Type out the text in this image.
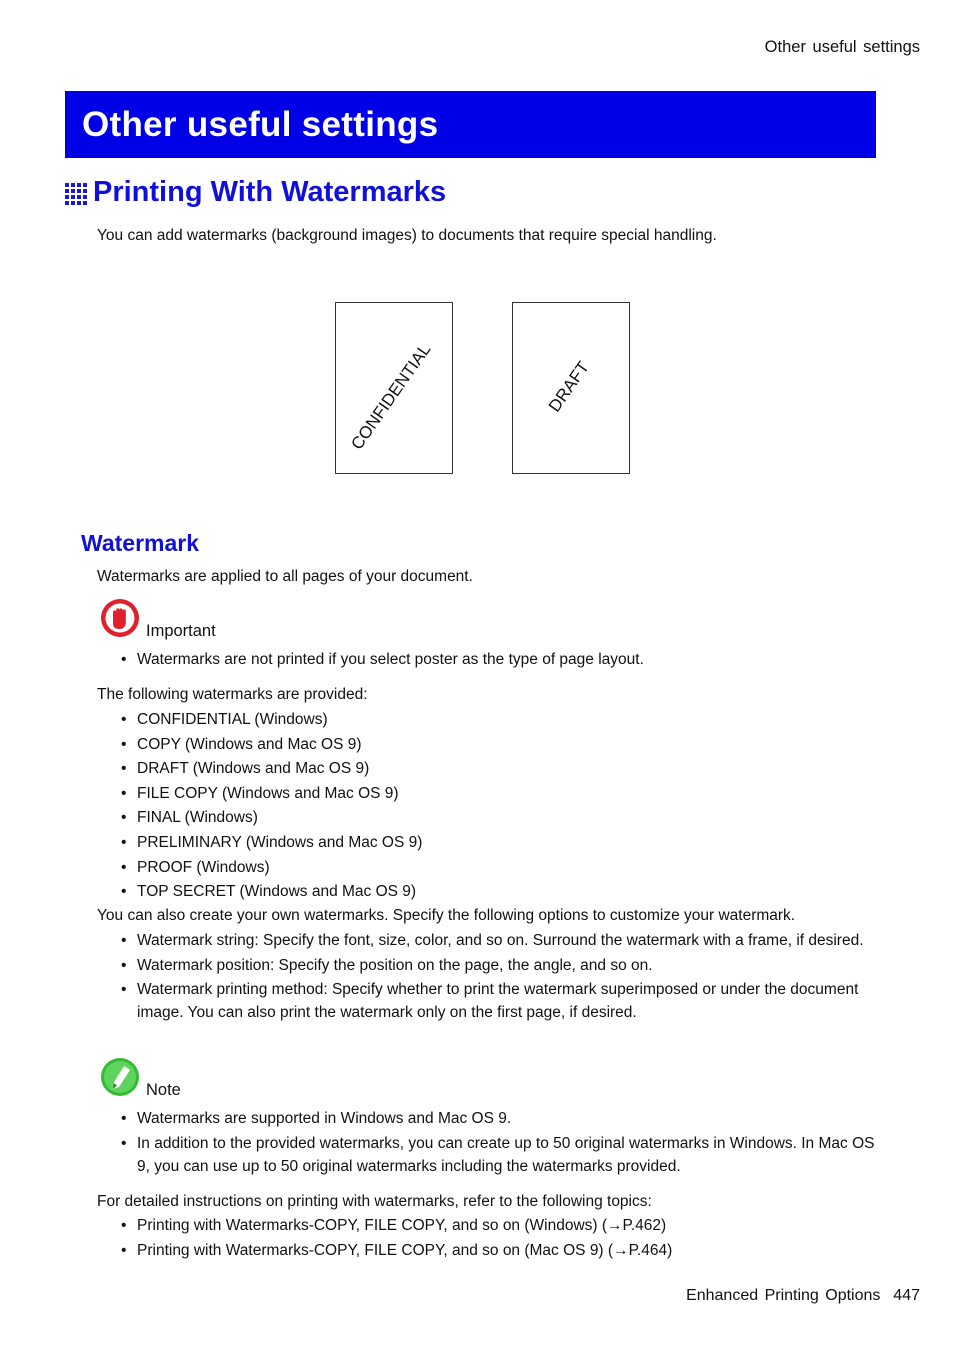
Other useful settings
Other useful settings
Printing With Watermarks

You can add watermarks (background images) to documents that require special handling.

CONFIDENTIAL	DRAFT
Watermark

Watermarks are applied to all pages of your document.

Important
• Watermarks are not printed if you select poster as the type of page layout.

The following watermarks are provided:

• CONFIDENTIAL (Windows)
• COPY (Windows and Mac OS 9)
• DRAFT (Windows and Mac OS 9)
• FILE COPY (Windows and Mac OS 9)
• FINAL (Windows)
• PRELIMINARY (Windows and Mac OS 9)
• PROOF (Windows)
• TOP SECRET (Windows and Mac OS 9)

You can also create your own watermarks. Specify the following options to customize your watermark.

• Watermark string: Specify the font, size, color, and so on. Surround the watermark with a frame, if desired.
• Watermark position: Specify the position on the page, the angle, and so on.
• Watermark printing method: Specify whether to print the watermark superimposed or under the document image. You can also print the watermark only on the first page, if desired.
Note
• Watermarks are supported in Windows and Mac OS 9.
• In addition to the provided watermarks, you can create up to 50 original watermarks in Windows. In Mac OS 9, you can use up to 50 original watermarks including the watermarks provided.

For detailed instructions on printing with watermarks, refer to the following topics:

• Printing with Watermarks-COPY, FILE COPY, and so on (Windows) (→P.462)
• Printing with Watermarks-COPY, FILE COPY, and so on (Mac OS 9) (→P.464)
Enhanced Printing Options 447
